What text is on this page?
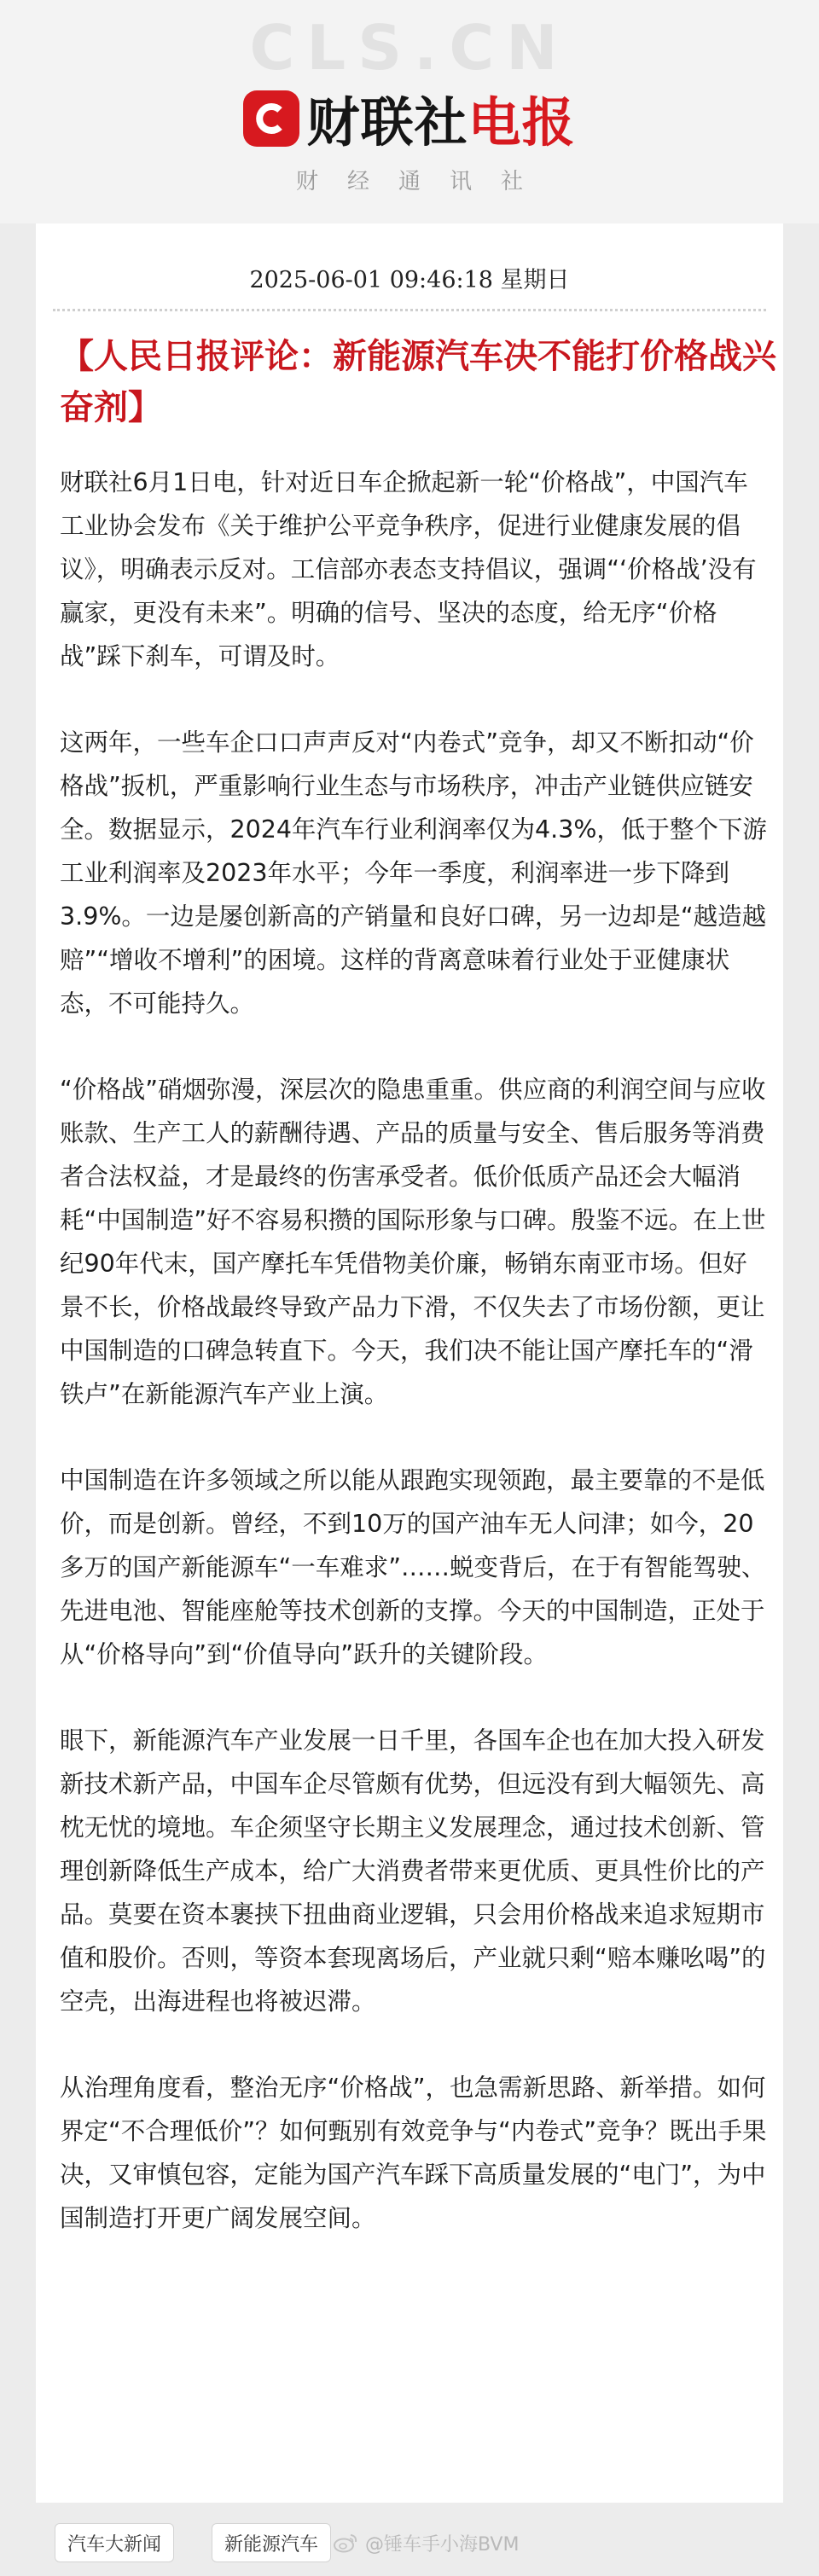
CLS.CN
财联社电报
财经通讯社
2025-06-01 09:46:18 星期日
【人民日报评论：新能源汽车决不能打价格战兴奋剂】

财联社6月1日电，针对近日车企掀起新一轮“价格战”，中国汽车工业协会发布《关于维护公平竞争秩序，促进行业健康发展的倡议》，明确表示反对。工信部亦表态支持倡议，强调“‘价格战’没有赢家，更没有未来”。明确的信号、坚决的态度，给无序“价格战”踩下刹车，可谓及时。

这两年，一些车企口口声声反对“内卷式”竞争，却又不断扣动“价格战”扳机，严重影响行业生态与市场秩序，冲击产业链供应链安全。数据显示，2024年汽车行业利润率仅为4.3%，低于整个下游工业利润率及2023年水平；今年一季度，利润率进一步下降到3.9%。一边是屡创新高的产销量和良好口碑，另一边却是“越造越赔”“增收不增利”的困境。这样的背离意味着行业处于亚健康状态，不可能持久。

“价格战”硝烟弥漫，深层次的隐患重重。供应商的利润空间与应收账款、生产工人的薪酬待遇、产品的质量与安全、售后服务等消费者合法权益，才是最终的伤害承受者。低价低质产品还会大幅消耗“中国制造”好不容易积攒的国际形象与口碑。殷鉴不远。在上世纪90年代末，国产摩托车凭借物美价廉，畅销东南亚市场。但好景不长，价格战最终导致产品力下滑，不仅失去了市场份额，更让中国制造的口碑急转直下。今天，我们决不能让国产摩托车的“滑铁卢”在新能源汽车产业上演。

中国制造在许多领域之所以能从跟跑实现领跑，最主要靠的不是低价，而是创新。曾经，不到10万的国产油车无人问津；如今，20多万的国产新能源车“一车难求”……蜕变背后，在于有智能驾驶、先进电池、智能座舱等技术创新的支撑。今天的中国制造，正处于从“价格导向”到“价值导向”跃升的关键阶段。

眼下，新能源汽车产业发展一日千里，各国车企也在加大投入研发新技术新产品，中国车企尽管颇有优势，但远没有到大幅领先、高枕无忧的境地。车企须坚守长期主义发展理念，通过技术创新、管理创新降低生产成本，给广大消费者带来更优质、更具性价比的产品。莫要在资本裹挟下扭曲商业逻辑，只会用价格战来追求短期市值和股价。否则，等资本套现离场后，产业就只剩“赔本赚吆喝”的空壳，出海进程也将被迟滞。

从治理角度看，整治无序“价格战”，也急需新思路、新举措。如何界定“不合理低价”？如何甄别有效竞争与“内卷式”竞争？既出手果决，又审慎包容，定能为国产汽车踩下高质量发展的“电门”，为中国制造打开更广阔发展空间。

汽车大新闻	新能源汽车	@锤车手小海BVM
